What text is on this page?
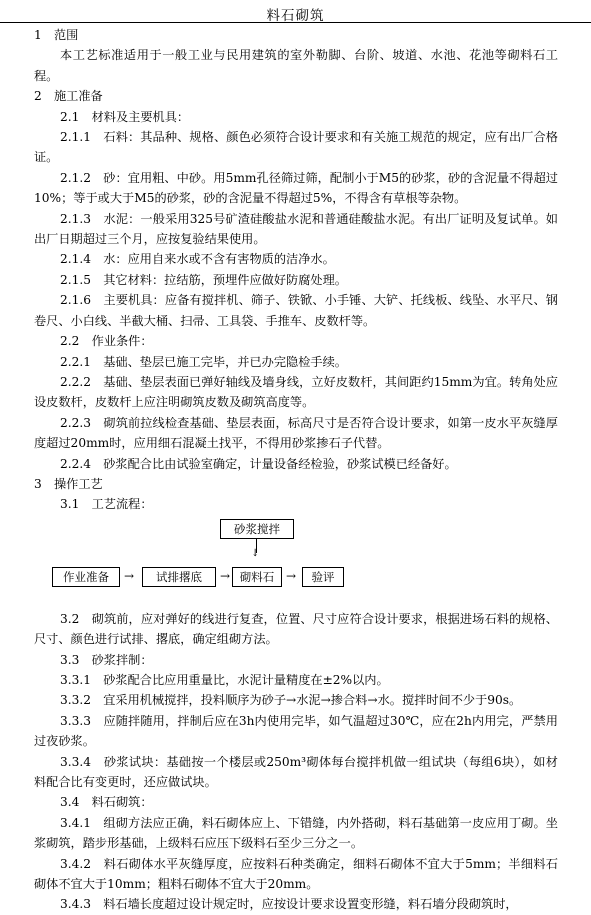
料石砌筑

1　范围

本工艺标准适用于一般工业与民用建筑的室外勒脚、台阶、坡道、水池、花池等砌料石工程。

2　施工准备

2.1　材料及主要机具：

2.1.1　石料：其品种、规格、颜色必须符合设计要求和有关施工规范的规定，应有出厂合格证。

2.1.2　砂：宜用粗、中砂。用5mm孔径筛过筛，配制小于M5的砂浆，砂的含泥量不得超过10%；等于或大于M5的砂浆，砂的含泥量不得超过5%，不得含有草根等杂物。

2.1.3　水泥：一般采用325号矿渣硅酸盐水泥和普通硅酸盐水泥。有出厂证明及复试单。如出厂日期超过三个月，应按复验结果使用。

2.1.4　水：应用自来水或不含有害物质的洁净水。

2.1.5　其它材料：拉结筋，预埋件应做好防腐处理。

2.1.6　主要机具：应备有搅拌机、筛子、铁锨、小手锤、大铲、托线板、线坠、水平尺、钢卷尺、小白线、半截大桶、扫帚、工具袋、手推车、皮数杆等。

2.2　作业条件：

2.2.1　基础、垫层已施工完毕，并已办完隐检手续。

2.2.2　基础、垫层表面已弹好轴线及墙身线，立好皮数杆，其间距约15mm为宜。转角处应设皮数杆，皮数杆上应注明砌筑皮数及砌筑高度等。

2.2.3　砌筑前拉线检查基础、垫层表面，标高尺寸是否符合设计要求，如第一皮水平灰缝厚度超过20mm时，应用细石混凝土找平，不得用砂浆掺石子代替。

2.2.4　砂浆配合比由试验室确定，计量设备经检验，砂浆试模已经备好。

3　操作工艺

3.1　工艺流程：

砂浆搅拌
↓
作业准备	→	试排撂底	→ 砌料石 →	验评

3.2　砌筑前，应对弹好的线进行复查，位置、尺寸应符合设计要求，根据进场石料的规格、尺寸、颜色进行试排、撂底，确定组砌方法。

3.3　砂浆拌制：

3.3.1　砂浆配合比应用重量比，水泥计量精度在±2%以内。

3.3.2　宜采用机械搅拌，投料顺序为砂子→水泥→掺合料→水。搅拌时间不少于90s。

3.3.3　应随拌随用，拌制后应在3h内使用完毕，如气温超过30℃，应在2h内用完，严禁用过夜砂浆。

3.3.4　砂浆试块：基础按一个楼层或250m³砌体每台搅拌机做一组试块（每组6块），如材料配合比有变更时，还应做试块。

3.4　料石砌筑：

3.4.1　组砌方法应正确，料石砌体应上、下错缝，内外搭砌，料石基础第一皮应用丁砌。坐浆砌筑，踏步形基础，上级料石应压下级料石至少三分之一。

3.4.2　料石砌体水平灰缝厚度，应按料石种类确定，细料石砌体不宜大于5mm；半细料石砌体不宜大于10mm；粗料石砌体不宜大于20mm。

3.4.3　料石墙长度超过设计规定时，应按设计要求设置变形缝，料石墙分段砌筑时，
